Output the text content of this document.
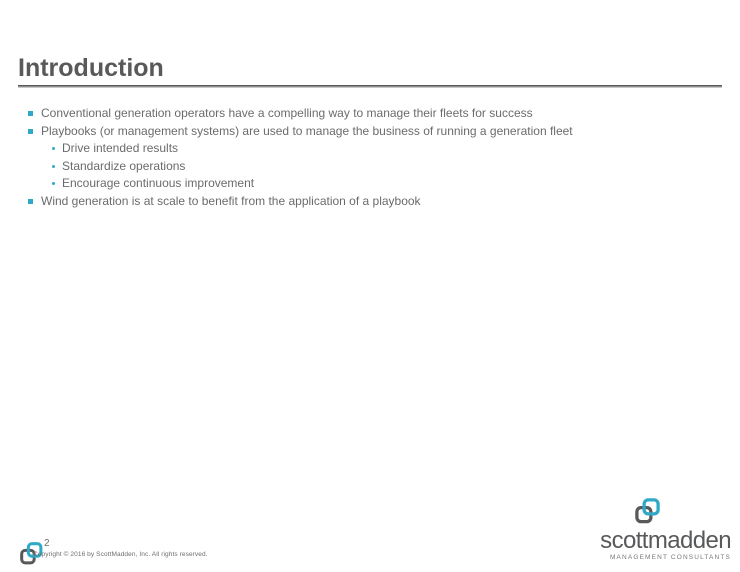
Introduction
Conventional generation operators have a compelling way to manage their fleets for success
Playbooks (or management systems) are used to manage the business of running a generation fleet
Drive intended results
Standardize operations
Encourage continuous improvement
Wind generation is at scale to benefit from the application of a playbook
2
Copyright © 2016 by ScottMadden, Inc. All rights reserved.
scottmadden
MANAGEMENT CONSULTANTS
